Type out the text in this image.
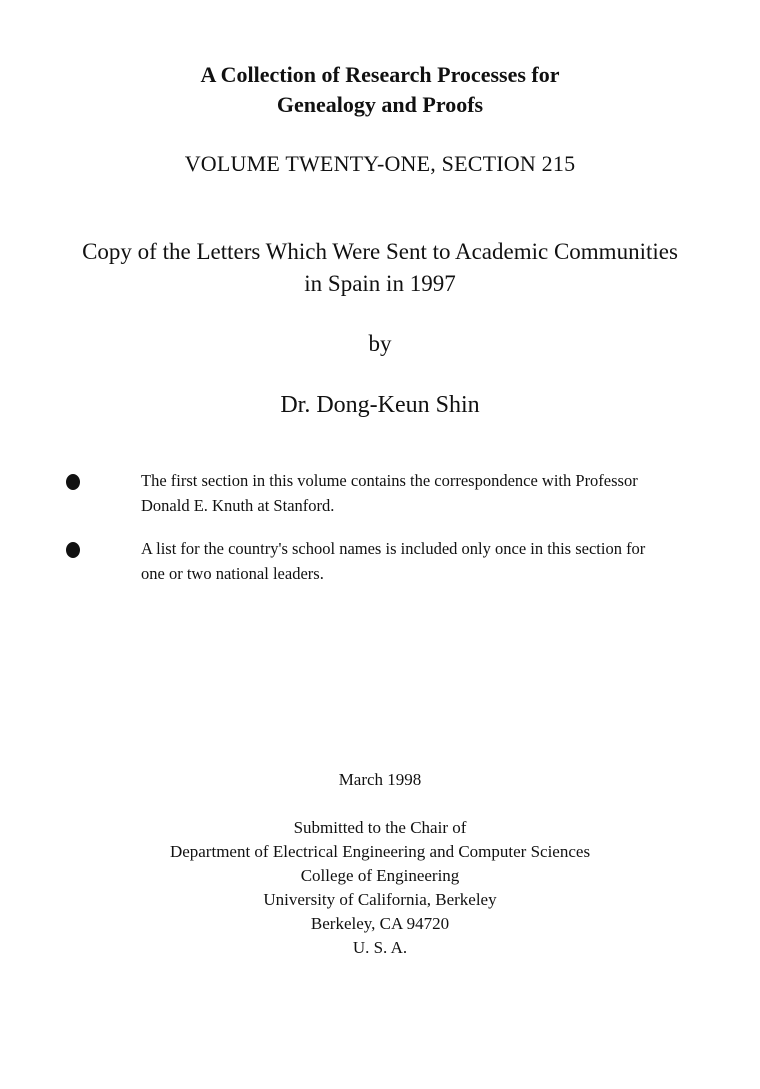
A Collection of Research Processes for
Genealogy and Proofs
VOLUME TWENTY-ONE, SECTION 215
Copy of the Letters Which Were Sent to Academic Communities
in Spain in 1997
by
Dr. Dong-Keun Shin
The first section in this volume contains the correspondence with Professor
Donald E. Knuth at Stanford.
A list for the country's school names is included only once in this section for
one or two national leaders.
March 1998
Submitted to the Chair of
Department of Electrical Engineering and Computer Sciences
College of Engineering
University of California, Berkeley
Berkeley, CA 94720
U. S. A.
